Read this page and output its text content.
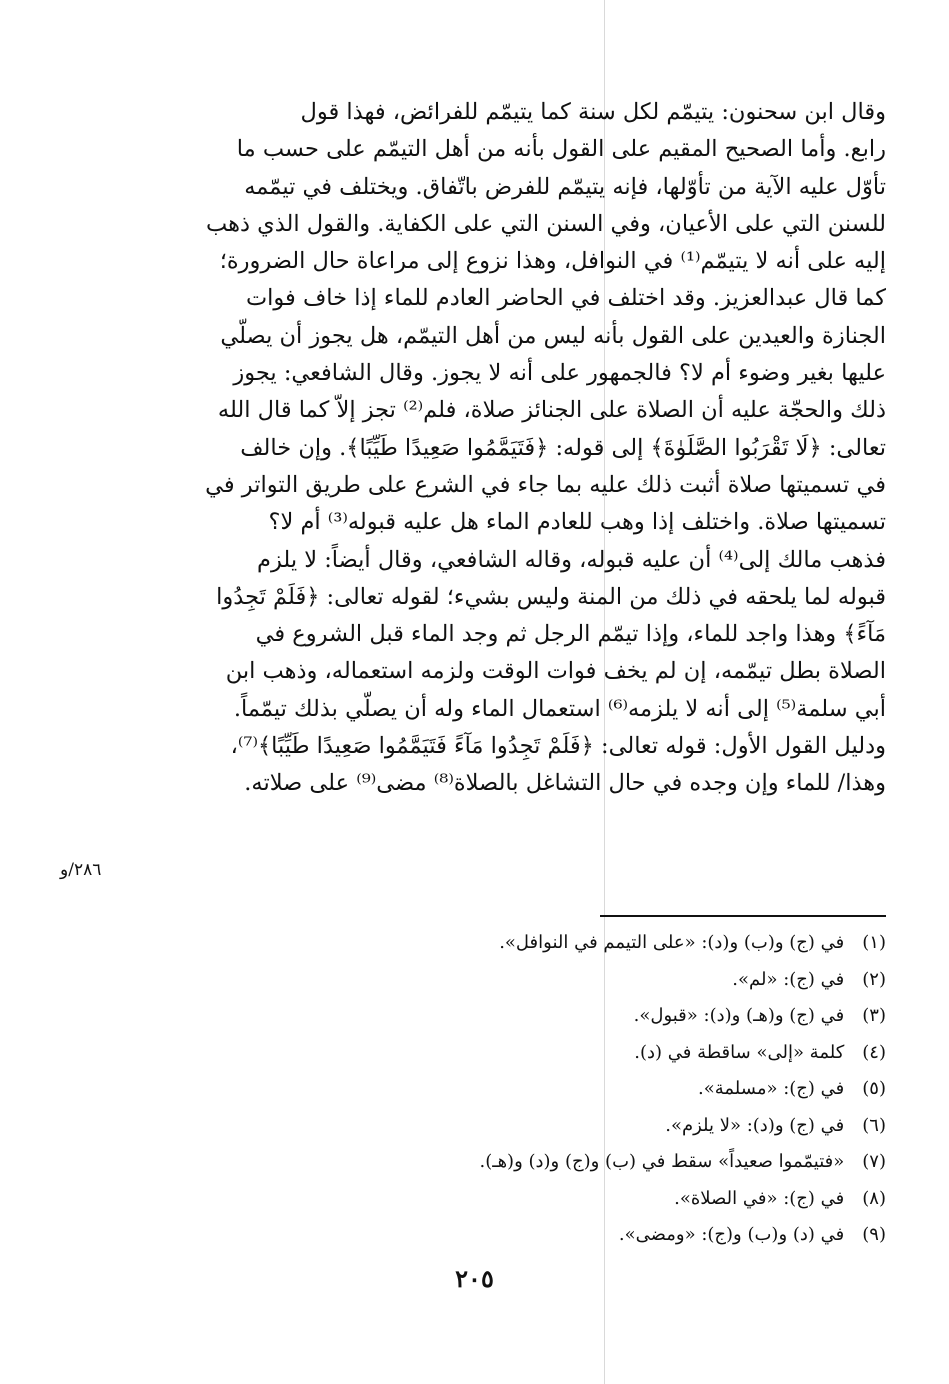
وقال ابن سحنون: يتيمّم لكل سنة كما يتيمّم للفرائض، فهذا قول
رابع. وأما الصحيح المقيم على القول بأنه من أهل التيمّم على حسب ما
تأوّل عليه الآية من تأوّلها، فإنه يتيمّم للفرض باتّفاق. ويختلف في تيمّمه
للسنن التي على الأعيان، وفي السنن التي على الكفاية. والقول الذي ذهب
إليه على أنه لا يتيمّم⁽¹⁾ في النوافل، وهذا نزوع إلى مراعاة حال الضرورة؛
كما قال عبدالعزيز. وقد اختلف في الحاضر العادم للماء إذا خاف فوات
الجنازة والعيدين على القول بأنه ليس من أهل التيمّم، هل يجوز أن يصلّي
عليها بغير وضوء أم لا؟ فالجمهور على أنه لا يجوز. وقال الشافعي: يجوز
ذلك والحجّة عليه أن الصلاة على الجنائز صلاة، فلم⁽²⁾ تجز إلاّ كما قال الله
تعالى: ﴿لَا تَقْرَبُوا الصَّلَوٰةَ﴾ إلى قوله: ﴿فَتَيَمَّمُوا صَعِيدًا طَيِّبًا﴾. وإن خالف
في تسميتها صلاة أثبت ذلك عليه بما جاء في الشرع على طريق التواتر في
تسميتها صلاة. واختلف إذا وهب للعادم الماء هل عليه قبوله⁽³⁾ أم لا؟
فذهب مالك إلى⁽⁴⁾ أن عليه قبوله، وقاله الشافعي، وقال أيضاً: لا يلزم
قبوله لما يلحقه في ذلك من المنة وليس بشيء؛ لقوله تعالى: ﴿فَلَمْ تَجِدُوا
مَآءً﴾ وهذا واجد للماء، وإذا تيمّم الرجل ثم وجد الماء قبل الشروع في
الصلاة بطل تيمّمه، إن لم يخف فوات الوقت ولزمه استعماله، وذهب ابن
أبي سلمة⁽⁵⁾ إلى أنه لا يلزمه⁽⁶⁾ استعمال الماء وله أن يصلّي بذلك تيمّماً.
ودليل القول الأول: قوله تعالى: ﴿فَلَمْ تَجِدُوا مَآءً فَتَيَمَّمُوا صَعِيدًا طَيِّبًا﴾⁽⁷⁾،
وهذا/ للماء وإن وجده في حال التشاغل بالصلاة⁽⁸⁾ مضى⁽⁹⁾ على صلاته.
٢٨٦/و
(١) في (ج) و(ب) و(د): «على التيمم في النوافل».
(٢) في (ج): «لم».
(٣) في (ج) و(هـ) و(د): «قبول».
(٤) كلمة «إلى» ساقطة في (د).
(٥) في (ج): «مسلمة».
(٦) في (ج) و(د): «لا يلزم».
(٧) «فتيمّموا صعيداً» سقط في (ب) و(ج) و(د) و(هـ).
(٨) في (ج): «في الصلاة».
(٩) في (د) و(ب) و(ج): «ومضى».
٢٠٥
